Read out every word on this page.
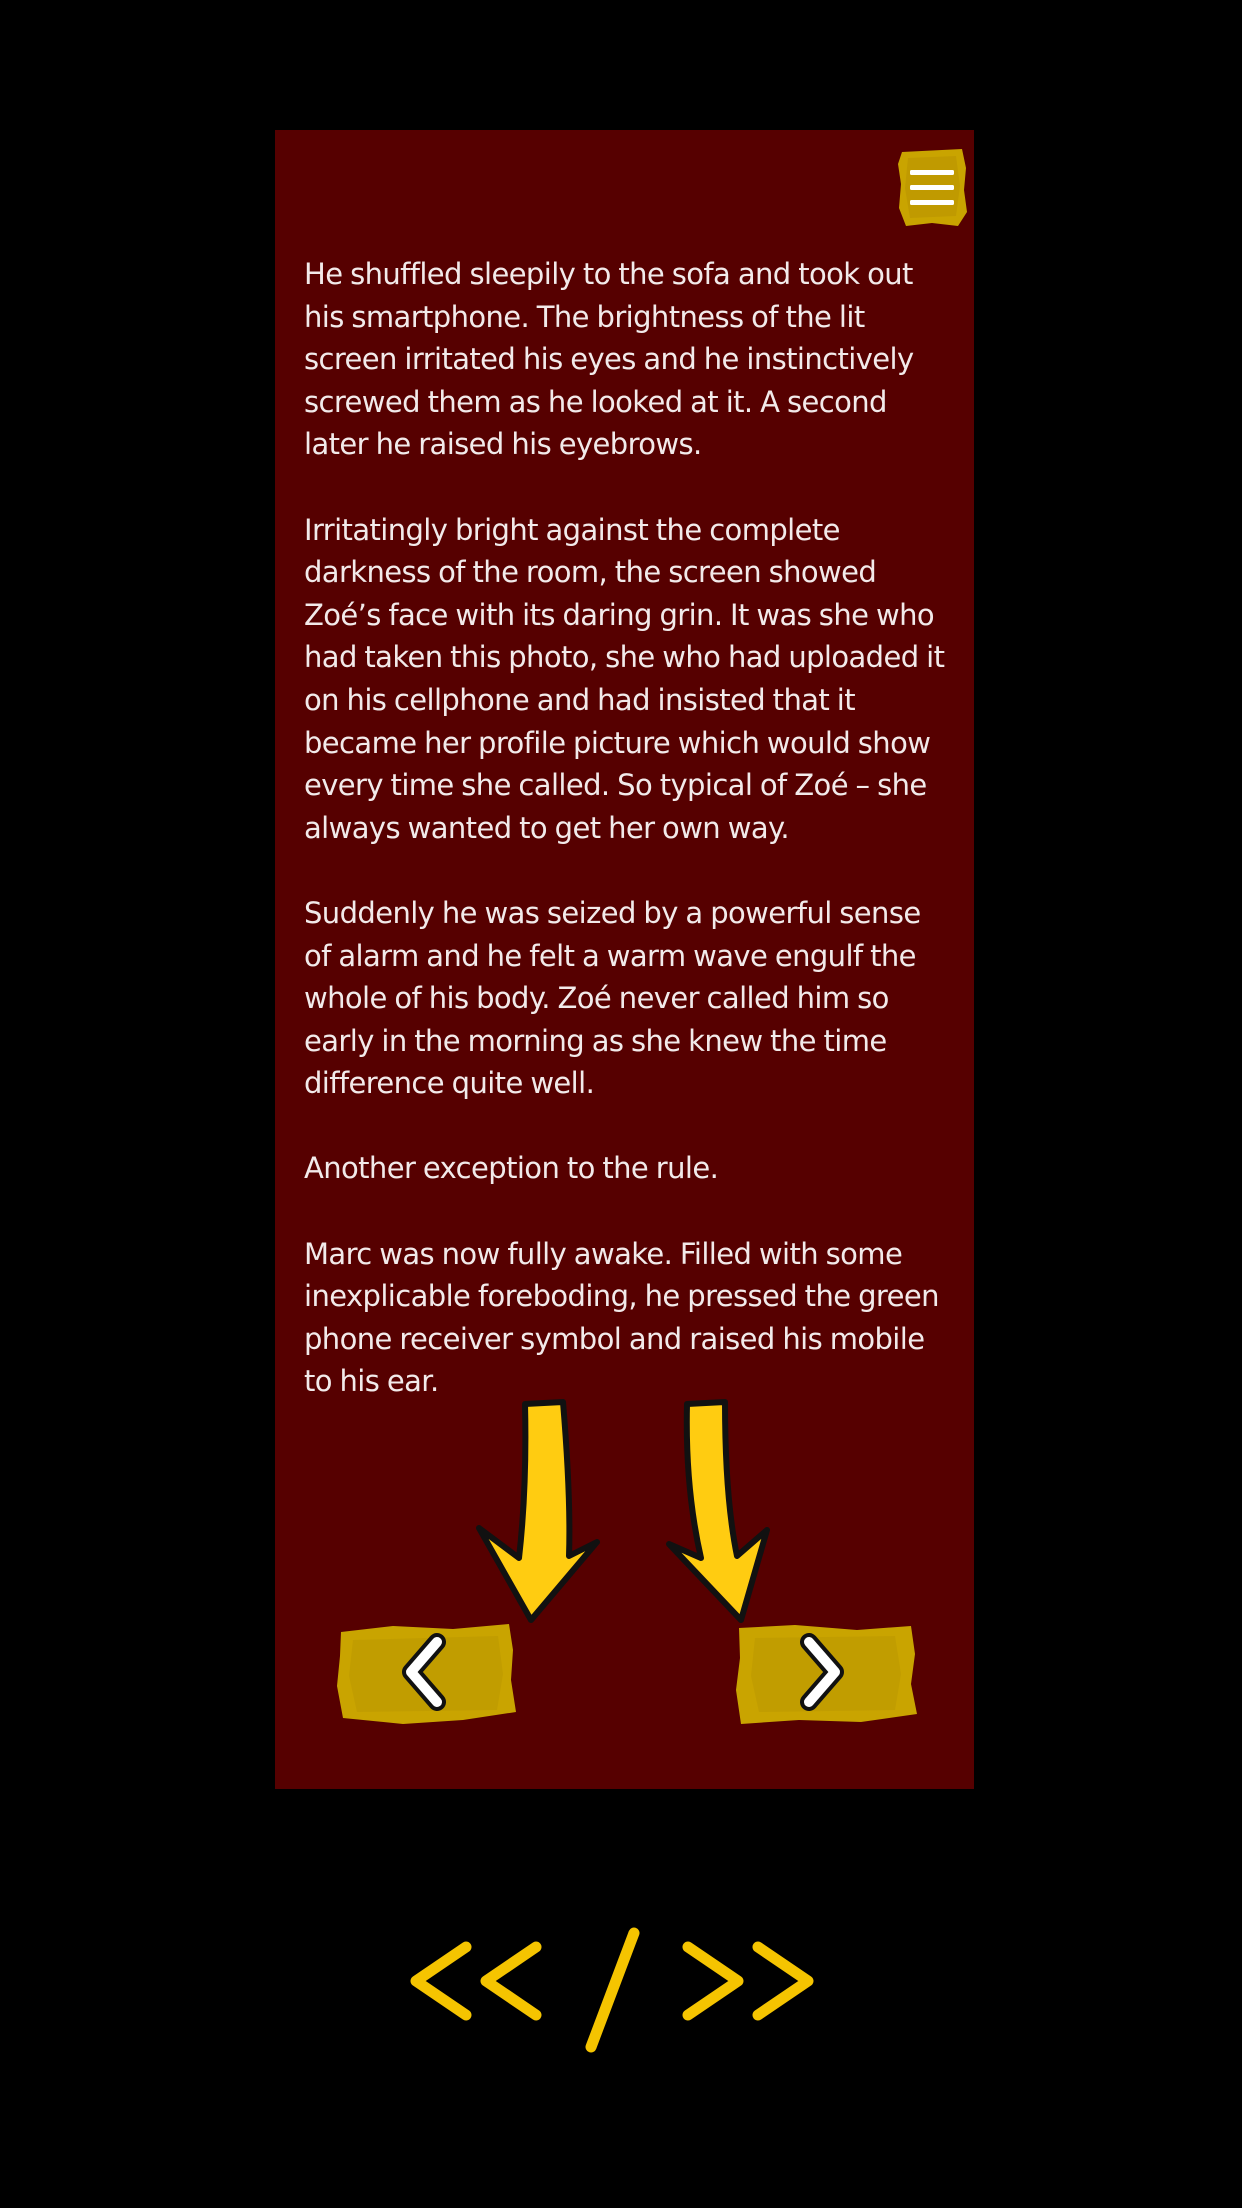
He shuffled sleepily to the sofa and took out his smartphone. The brightness of the lit screen irritated his eyes and he instinctively screwed them as he looked at it. A second later he raised his eyebrows.

Irritatingly bright against the complete darkness of the room, the screen showed Zoé’s face with its daring grin. It was she who had taken this photo, she who had uploaded it on his cellphone and had insisted that it became her profile picture which would show every time she called. So typical of Zoé – she always wanted to get her own way.

Suddenly he was seized by a powerful sense of alarm and he felt a warm wave engulf the whole of his body. Zoé never called him so early in the morning as she knew the time difference quite well.

Another exception to the rule.

Marc was now fully awake. Filled with some inexplicable foreboding, he pressed the green phone receiver symbol and raised his mobile to his ear.
